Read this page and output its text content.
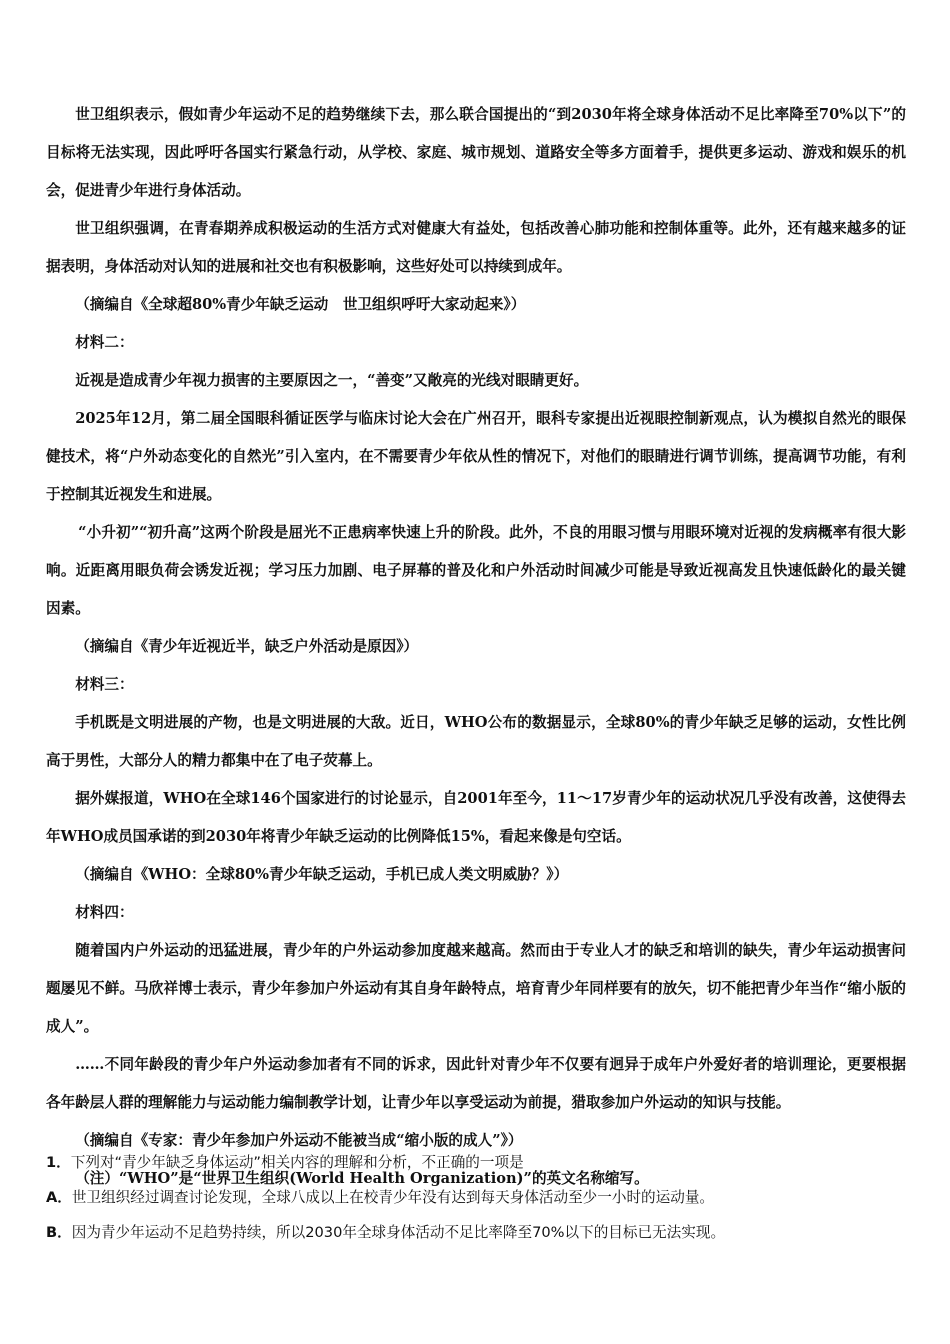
世卫组织表示，假如青少年运动不足的趋势继续下去，那么联合国提出的“到2030年将全球身体活动不足比率降至70%以下”的目标将无法实现，因此呼吁各国实行紧急行动，从学校、家庭、城市规划、道路安全等多方面着手，提供更多运动、游戏和娱乐的机会，促进青少年进行身体活动。

世卫组织强调，在青春期养成积极运动的生活方式对健康大有益处，包括改善心肺功能和控制体重等。此外，还有越来越多的证据表明，身体活动对认知的进展和社交也有积极影响，这些好处可以持续到成年。

（摘编自《全球超80%青少年缺乏运动　世卫组织呼吁大家动起来》）

材料二：

近视是造成青少年视力损害的主要原因之一，“善变”又敞亮的光线对眼睛更好。

2025年12月，第二届全国眼科循证医学与临床讨论大会在广州召开，眼科专家提出近视眼控制新观点，认为模拟自然光的眼保健技术，将“户外动态变化的自然光”引入室内，在不需要青少年依从性的情况下，对他们的眼睛进行调节训练，提高调节功能，有利于控制其近视发生和进展。

“小升初”“初升高”这两个阶段是屈光不正患病率快速上升的阶段。此外，不良的用眼习惯与用眼环境对近视的发病概率有很大影响。近距离用眼负荷会诱发近视；学习压力加剧、电子屏幕的普及化和户外活动时间减少可能是导致近视高发且快速低龄化的最关键因素。

（摘编自《青少年近视近半，缺乏户外活动是原因》）

材料三：

手机既是文明进展的产物，也是文明进展的大敌。近日，WHO公布的数据显示，全球80%的青少年缺乏足够的运动，女性比例高于男性，大部分人的精力都集中在了电子荧幕上。

据外媒报道，WHO在全球146个国家进行的讨论显示，自2001年至今，11～17岁青少年的运动状况几乎没有改善，这使得去年WHO成员国承诺的到2030年将青少年缺乏运动的比例降低15%，看起来像是句空话。

（摘编自《WHO：全球80%青少年缺乏运动，手机已成人类文明威胁？》）

材料四：

随着国内户外运动的迅猛进展，青少年的户外运动参加度越来越高。然而由于专业人才的缺乏和培训的缺失，青少年运动损害问题屡见不鲜。马欣祥博士表示，青少年参加户外运动有其自身年龄特点，培育青少年同样要有的放矢，切不能把青少年当作“缩小版的成人”。

……不同年龄段的青少年户外运动参加者有不同的诉求，因此针对青少年不仅要有迥异于成年户外爱好者的培训理论，更要根据各年龄层人群的理解能力与运动能力编制教学计划，让青少年以享受运动为前提，猎取参加户外运动的知识与技能。

（摘编自《专家：青少年参加户外运动不能被当成“缩小版的成人”》）

（注）“WHO”是“世界卫生组织(World Health Organization)”的英文名称缩写。

1．下列对“青少年缺乏身体运动”相关内容的理解和分析，不正确的一项是

A．世卫组织经过调查讨论发现，全球八成以上在校青少年没有达到每天身体活动至少一小时的运动量。

B．因为青少年运动不足趋势持续，所以2030年全球身体活动不足比率降至70%以下的目标已无法实现。
